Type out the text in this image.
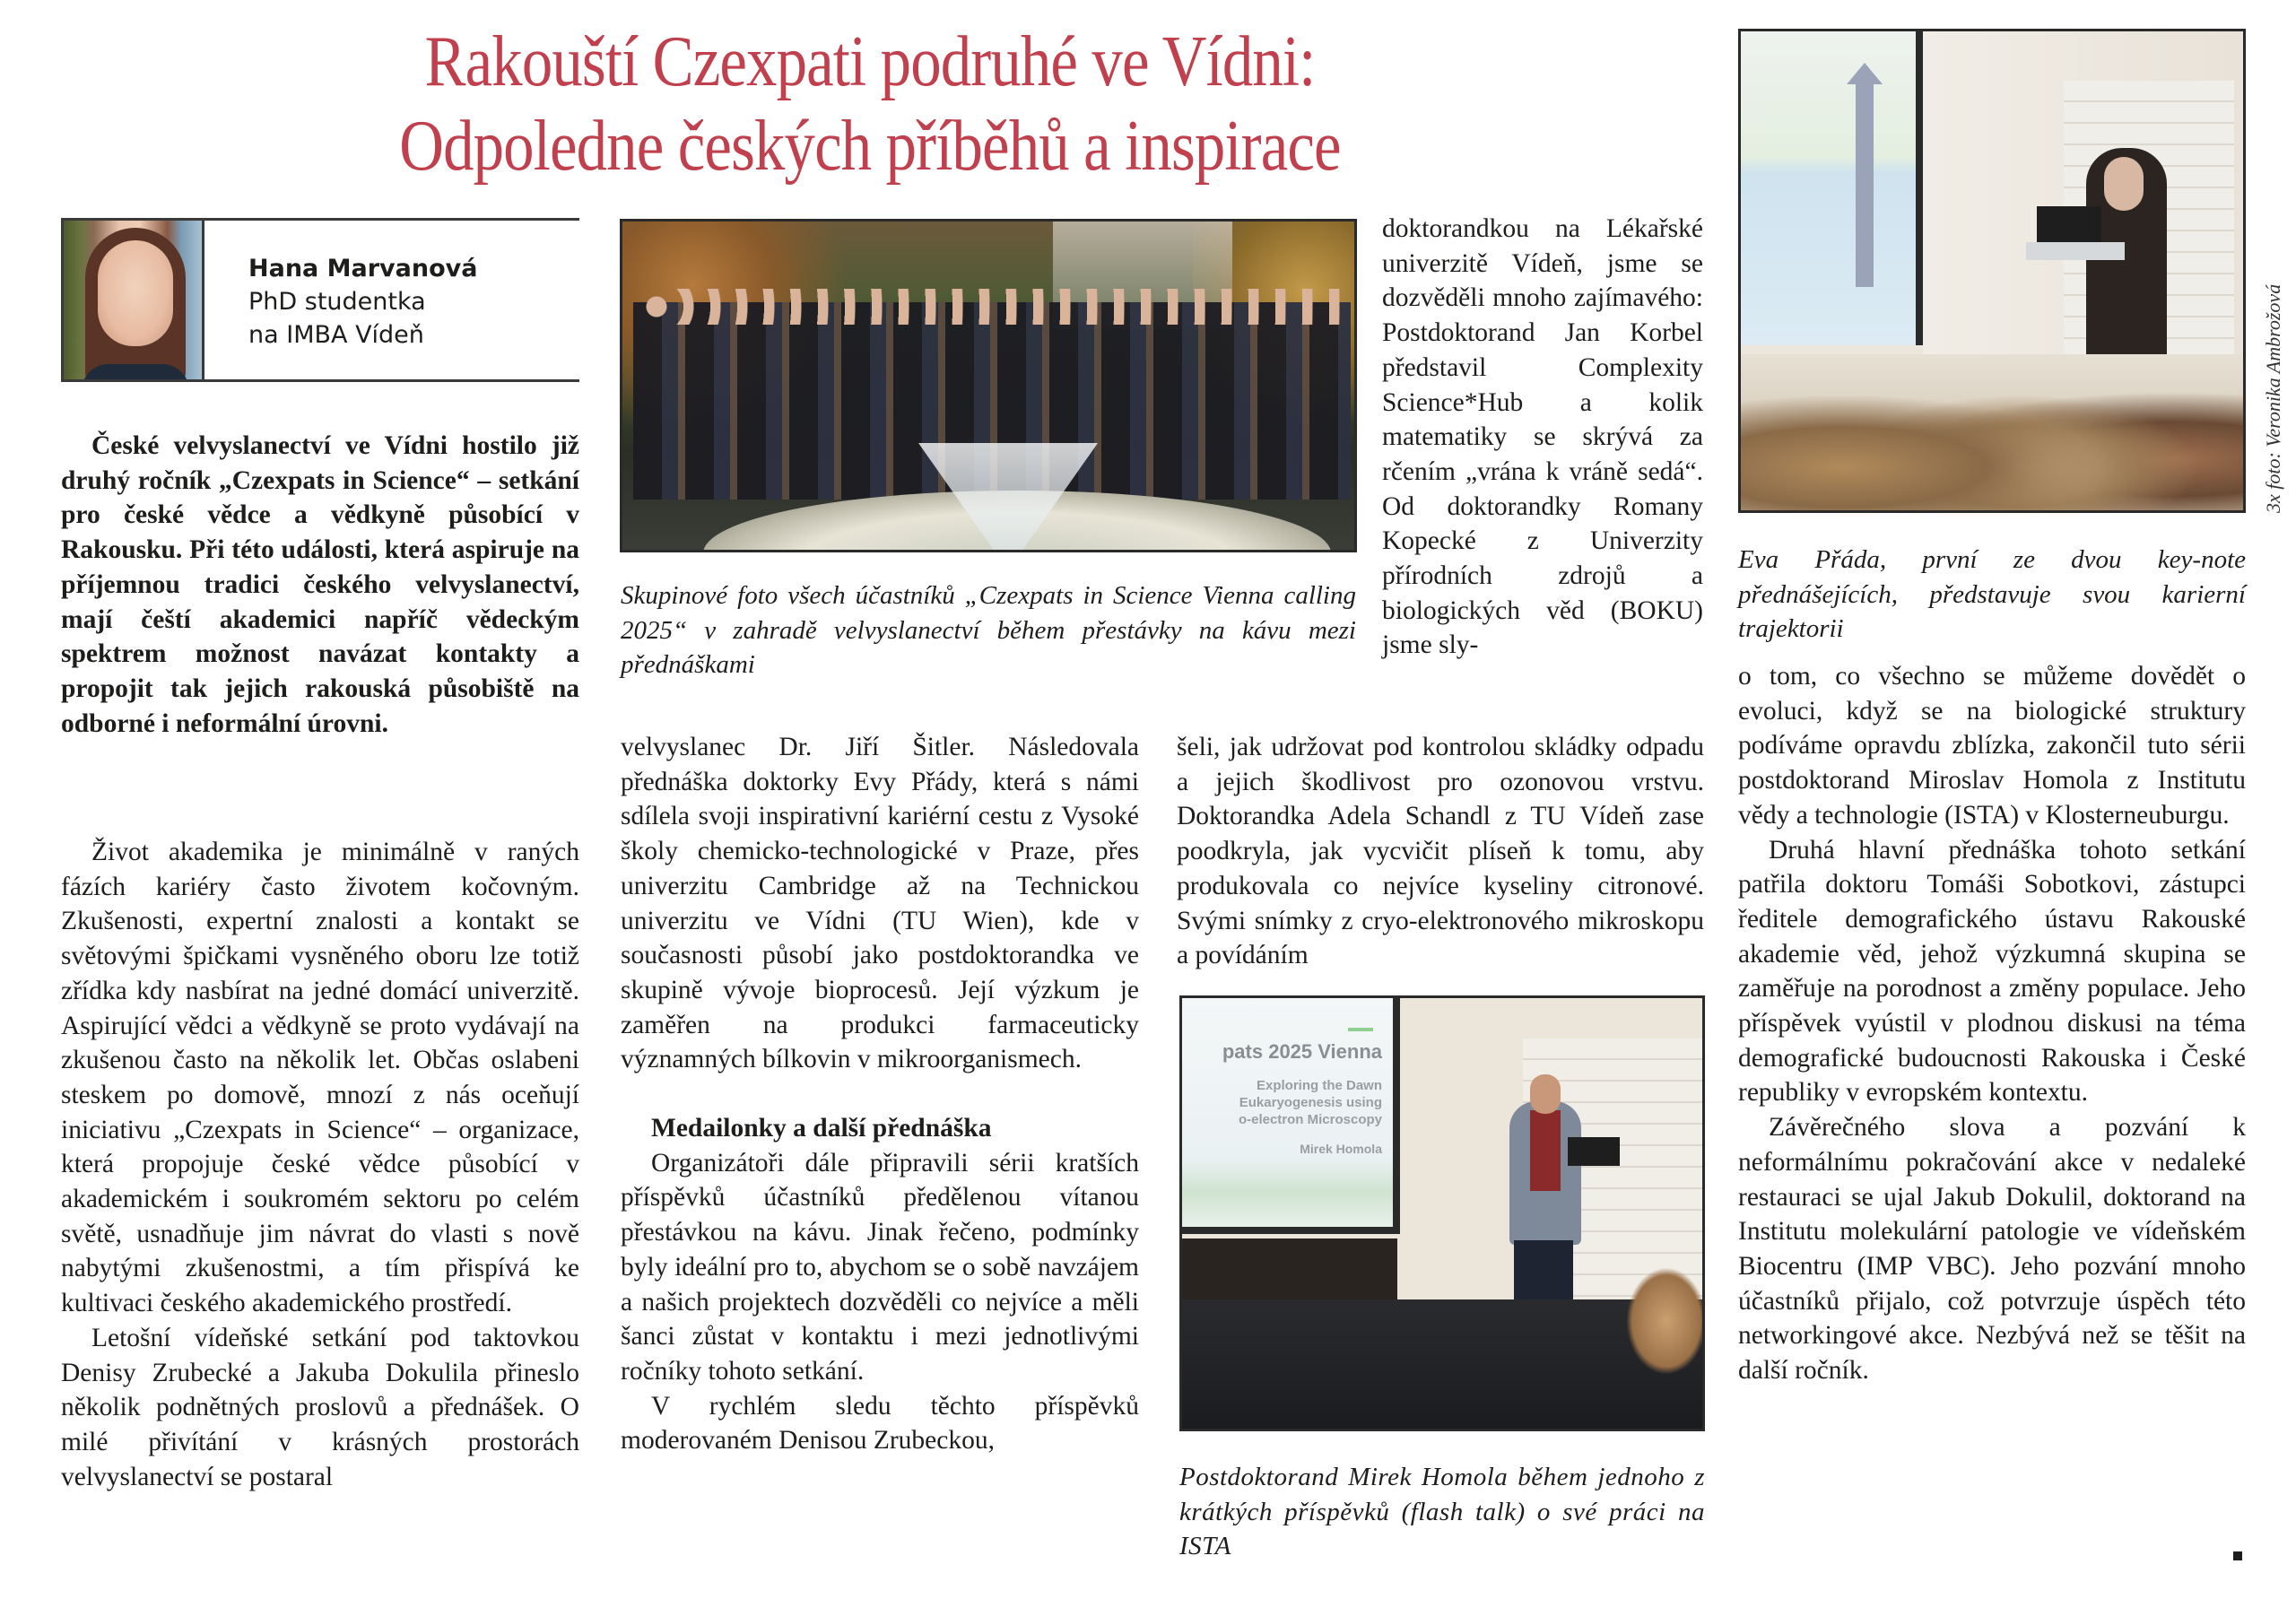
Rakouští Czexpati podruhé ve Vídni:
Odpoledne českých příběhů a inspirace
Hana Marvanová
PhD studentka
na IMBA Vídeň

České velvyslanectví ve Vídni hostilo již druhý ročník „Czexpats in Science“ – setkání pro české vědce a vědkyně působící v Rakousku. Při této události, která aspiruje na příjemnou tradici českého velvyslanectví, mají čeští akademici napříč vědeckým spektrem možnost navázat kontakty a propojit tak jejich rakouská působiště na odborné i neformální úrovni.

Život akademika je minimálně v raných fázích kariéry často životem kočovným. Zkušenosti, expertní znalosti a kontakt se světovými špičkami vysněného oboru lze totiž zřídka kdy nasbírat na jedné domácí univerzitě. Aspirující vědci a vědkyně se proto vydávají na zkušenou často na několik let. Občas oslabeni steskem po domově, mnozí z nás oceňují iniciativu „Czexpats in Science“ – organizace, která propojuje české vědce působící v akademickém i soukromém sektoru po celém světě, usnadňuje jim návrat do vlasti s nově nabytými zkušenostmi, a tím přispívá ke kultivaci českého akademického prostředí.

Letošní vídeňské setkání pod taktovkou Denisy Zrubecké a Jakuba Dokulila přineslo několik podnětných proslovů a přednášek. O milé přivítání v krásných prostorách velvyslanectví se postaral

Skupinové foto všech účastníků „Czexpats in Science Vienna calling 2025“ v zahradě velvyslanectví během přestávky na kávu mezi přednáškami

velvyslanec Dr. Jiří Šitler. Následovala přednáška doktorky Evy Přády, která s námi sdílela svoji inspirativní kariérní cestu z Vysoké školy chemicko-technologické v Praze, přes univerzitu Cambridge až na Technickou univerzitu ve Vídni (TU Wien), kde v současnosti působí jako postdoktorandka ve skupině vývoje bioprocesů. Její výzkum je zaměřen na produkci farmaceuticky významných bílkovin v mikroorganismech.

Medailonky a další přednáška

Organizátoři dále připravili sérii kratších příspěvků účastníků předělenou vítanou přestávkou na kávu. Jinak řečeno, podmínky byly ideální pro to, abychom se o sobě navzájem a našich projektech dozvěděli co nejvíce a měli šanci zůstat v kontaktu i mezi jednotlivými ročníky tohoto setkání.

V rychlém sledu těchto příspěvků moderovaném Denisou Zrubeckou,

doktorandkou na Lékařské univerzitě Vídeň, jsme se dozvěděli mnoho zajímavého: Postdoktorand Jan Korbel představil Complexity Science*Hub a kolik matematiky se skrývá za rčením „vrána k vráně sedá“. Od doktorandky Romany Kopecké z Univerzity přírodních zdrojů a biologických věd (BOKU) jsme sly-

šeli, jak udržovat pod kontrolou skládky odpadu a jejich škodlivost pro ozonovou vrstvu. Doktorandka Adela Schandl z TU Vídeň zase poodkryla, jak vycvičit plíseň k tomu, aby produkovala co nejvíce kyseliny citronové. Svými snímky z cryo-elektronového mikroskopu a povídáním

pats 2025 Vienna
Exploring the Dawn
Eukaryogenesis using
o-electron Microscopy
Mirek Homola
Postdoktorand Mirek Homola během jednoho z krátkých příspěvků (flash talk) o své práci na ISTA
3x foto: Veronika Ambrožová
Eva Přáda, první ze dvou key-note přednášejících, představuje svou karierní trajektorii

o tom, co všechno se můžeme dovědět o evoluci, když se na biologické struktury podíváme opravdu zblízka, zakončil tuto sérii postdoktorand Miroslav Homola z Institutu vědy a technologie (ISTA) v Klosterneuburgu.

Druhá hlavní přednáška tohoto setkání patřila doktoru Tomáši Sobotkovi, zástupci ředitele demografického ústavu Rakouské akademie věd, jehož výzkumná skupina se zaměřuje na porodnost a změny populace. Jeho příspěvek vyústil v plodnou diskusi na téma demografické budoucnosti Rakouska i České republiky v evropském kontextu.

Závěrečného slova a pozvání k neformálnímu pokračování akce v nedaleké restauraci se ujal Jakub Dokulil, doktorand na Institutu molekulární patologie ve vídeňském Biocentru (IMP VBC). Jeho pozvání mnoho účastníků přijalo, což potvrzuje úspěch této networkingové akce. Nezbývá než se těšit na další ročník.
